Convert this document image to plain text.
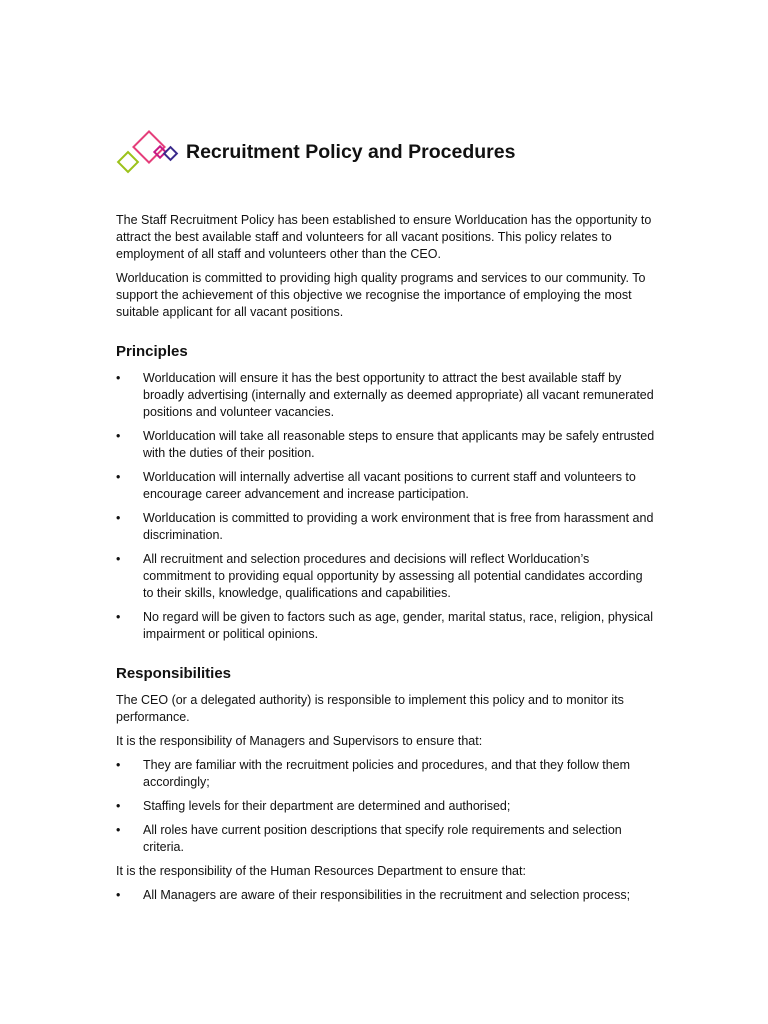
Recruitment Policy and Procedures

The Staff Recruitment Policy has been established to ensure Worlducation has the opportunity to attract the best available staff and volunteers for all vacant positions. This policy relates to employment of all staff and volunteers other than the CEO.

Worlducation is committed to providing high quality programs and services to our community. To support the achievement of this objective we recognise the importance of employing the most suitable applicant for all vacant positions.

Principles
• Worlducation will ensure it has the best opportunity to attract the best available staff by broadly advertising (internally and externally as deemed appropriate) all vacant remunerated positions and volunteer vacancies.
• Worlducation will take all reasonable steps to ensure that applicants may be safely entrusted with the duties of their position.
• Worlducation will internally advertise all vacant positions to current staff and volunteers to encourage career advancement and increase participation.
• Worlducation is committed to providing a work environment that is free from harassment and discrimination.
• All recruitment and selection procedures and decisions will reflect Worlducation’s commitment to providing equal opportunity by assessing all potential candidates according to their skills, knowledge, qualifications and capabilities.
• No regard will be given to factors such as age, gender, marital status, race, religion, physical impairment or political opinions.
Responsibilities

The CEO (or a delegated authority) is responsible to implement this policy and to monitor its performance.

It is the responsibility of Managers and Supervisors to ensure that:

• They are familiar with the recruitment policies and procedures, and that they follow them accordingly;
• Staffing levels for their department are determined and authorised;
• All roles have current position descriptions that specify role requirements and selection criteria.

It is the responsibility of the Human Resources Department to ensure that:

• All Managers are aware of their responsibilities in the recruitment and selection process;
